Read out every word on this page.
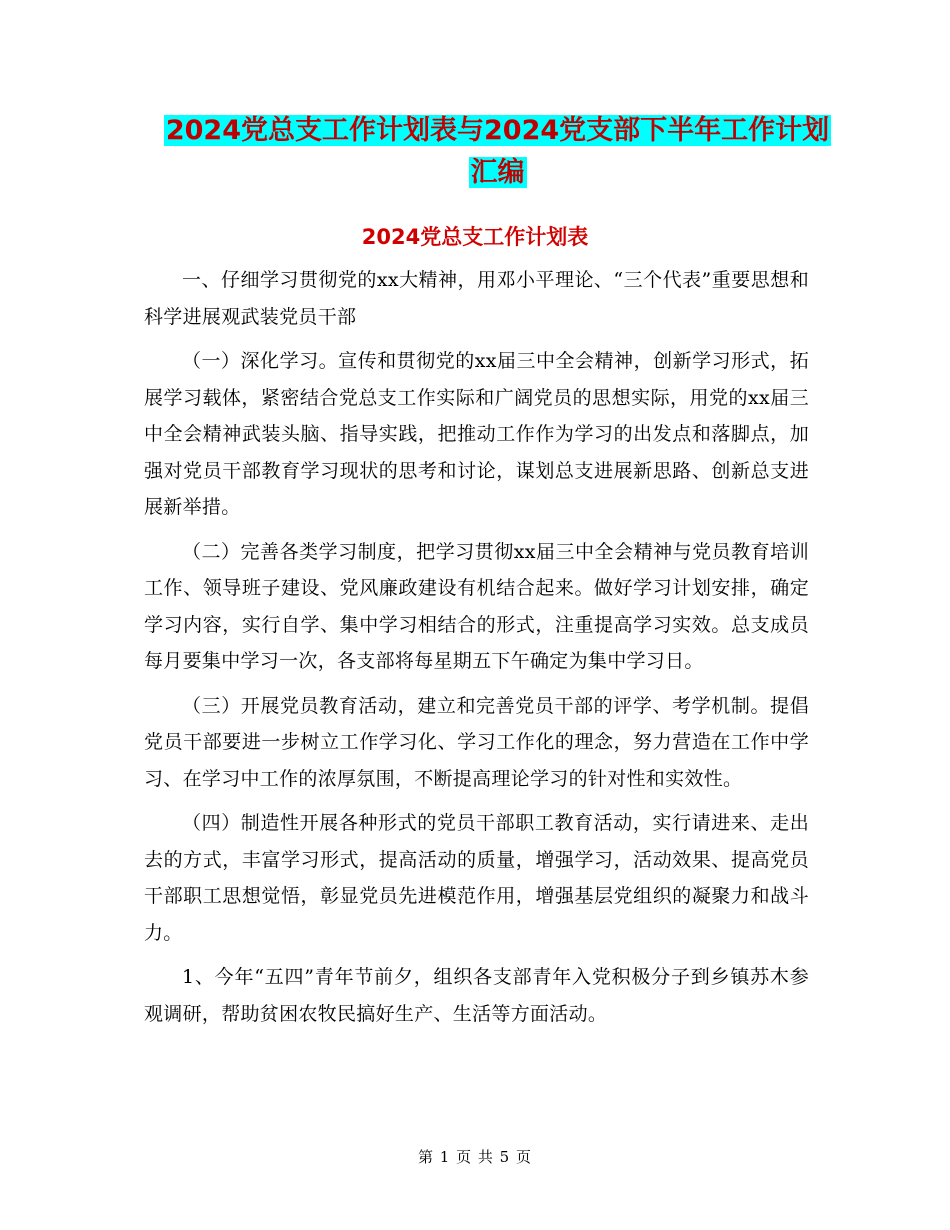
2024党总支工作计划表与2024党支部下半年工作计划
汇编
2024党总支工作计划表

一、仔细学习贯彻党的xx大精神，用邓小平理论、“三个代表”重要思想和科学进展观武装党员干部

（一）深化学习。宣传和贯彻党的xx届三中全会精神，创新学习形式，拓展学习载体，紧密结合党总支工作实际和广阔党员的思想实际，用党的xx届三中全会精神武装头脑、指导实践，把推动工作作为学习的出发点和落脚点，加强对党员干部教育学习现状的思考和讨论，谋划总支进展新思路、创新总支进展新举措。

（二）完善各类学习制度，把学习贯彻xx届三中全会精神与党员教育培训工作、领导班子建设、党风廉政建设有机结合起来。做好学习计划安排，确定学习内容，实行自学、集中学习相结合的形式，注重提高学习实效。总支成员每月要集中学习一次，各支部将每星期五下午确定为集中学习日。

（三）开展党员教育活动，建立和完善党员干部的评学、考学机制。提倡党员干部要进一步树立工作学习化、学习工作化的理念，努力营造在工作中学习、在学习中工作的浓厚氛围，不断提高理论学习的针对性和实效性。

（四）制造性开展各种形式的党员干部职工教育活动，实行请进来、走出去的方式，丰富学习形式，提高活动的质量，增强学习，活动效果、提高党员干部职工思想觉悟，彰显党员先进模范作用，增强基层党组织的凝聚力和战斗力。

1、今年“五四”青年节前夕，组织各支部青年入党积极分子到乡镇苏木参观调研，帮助贫困农牧民搞好生产、生活等方面活动。

第 1 页 共 5 页
